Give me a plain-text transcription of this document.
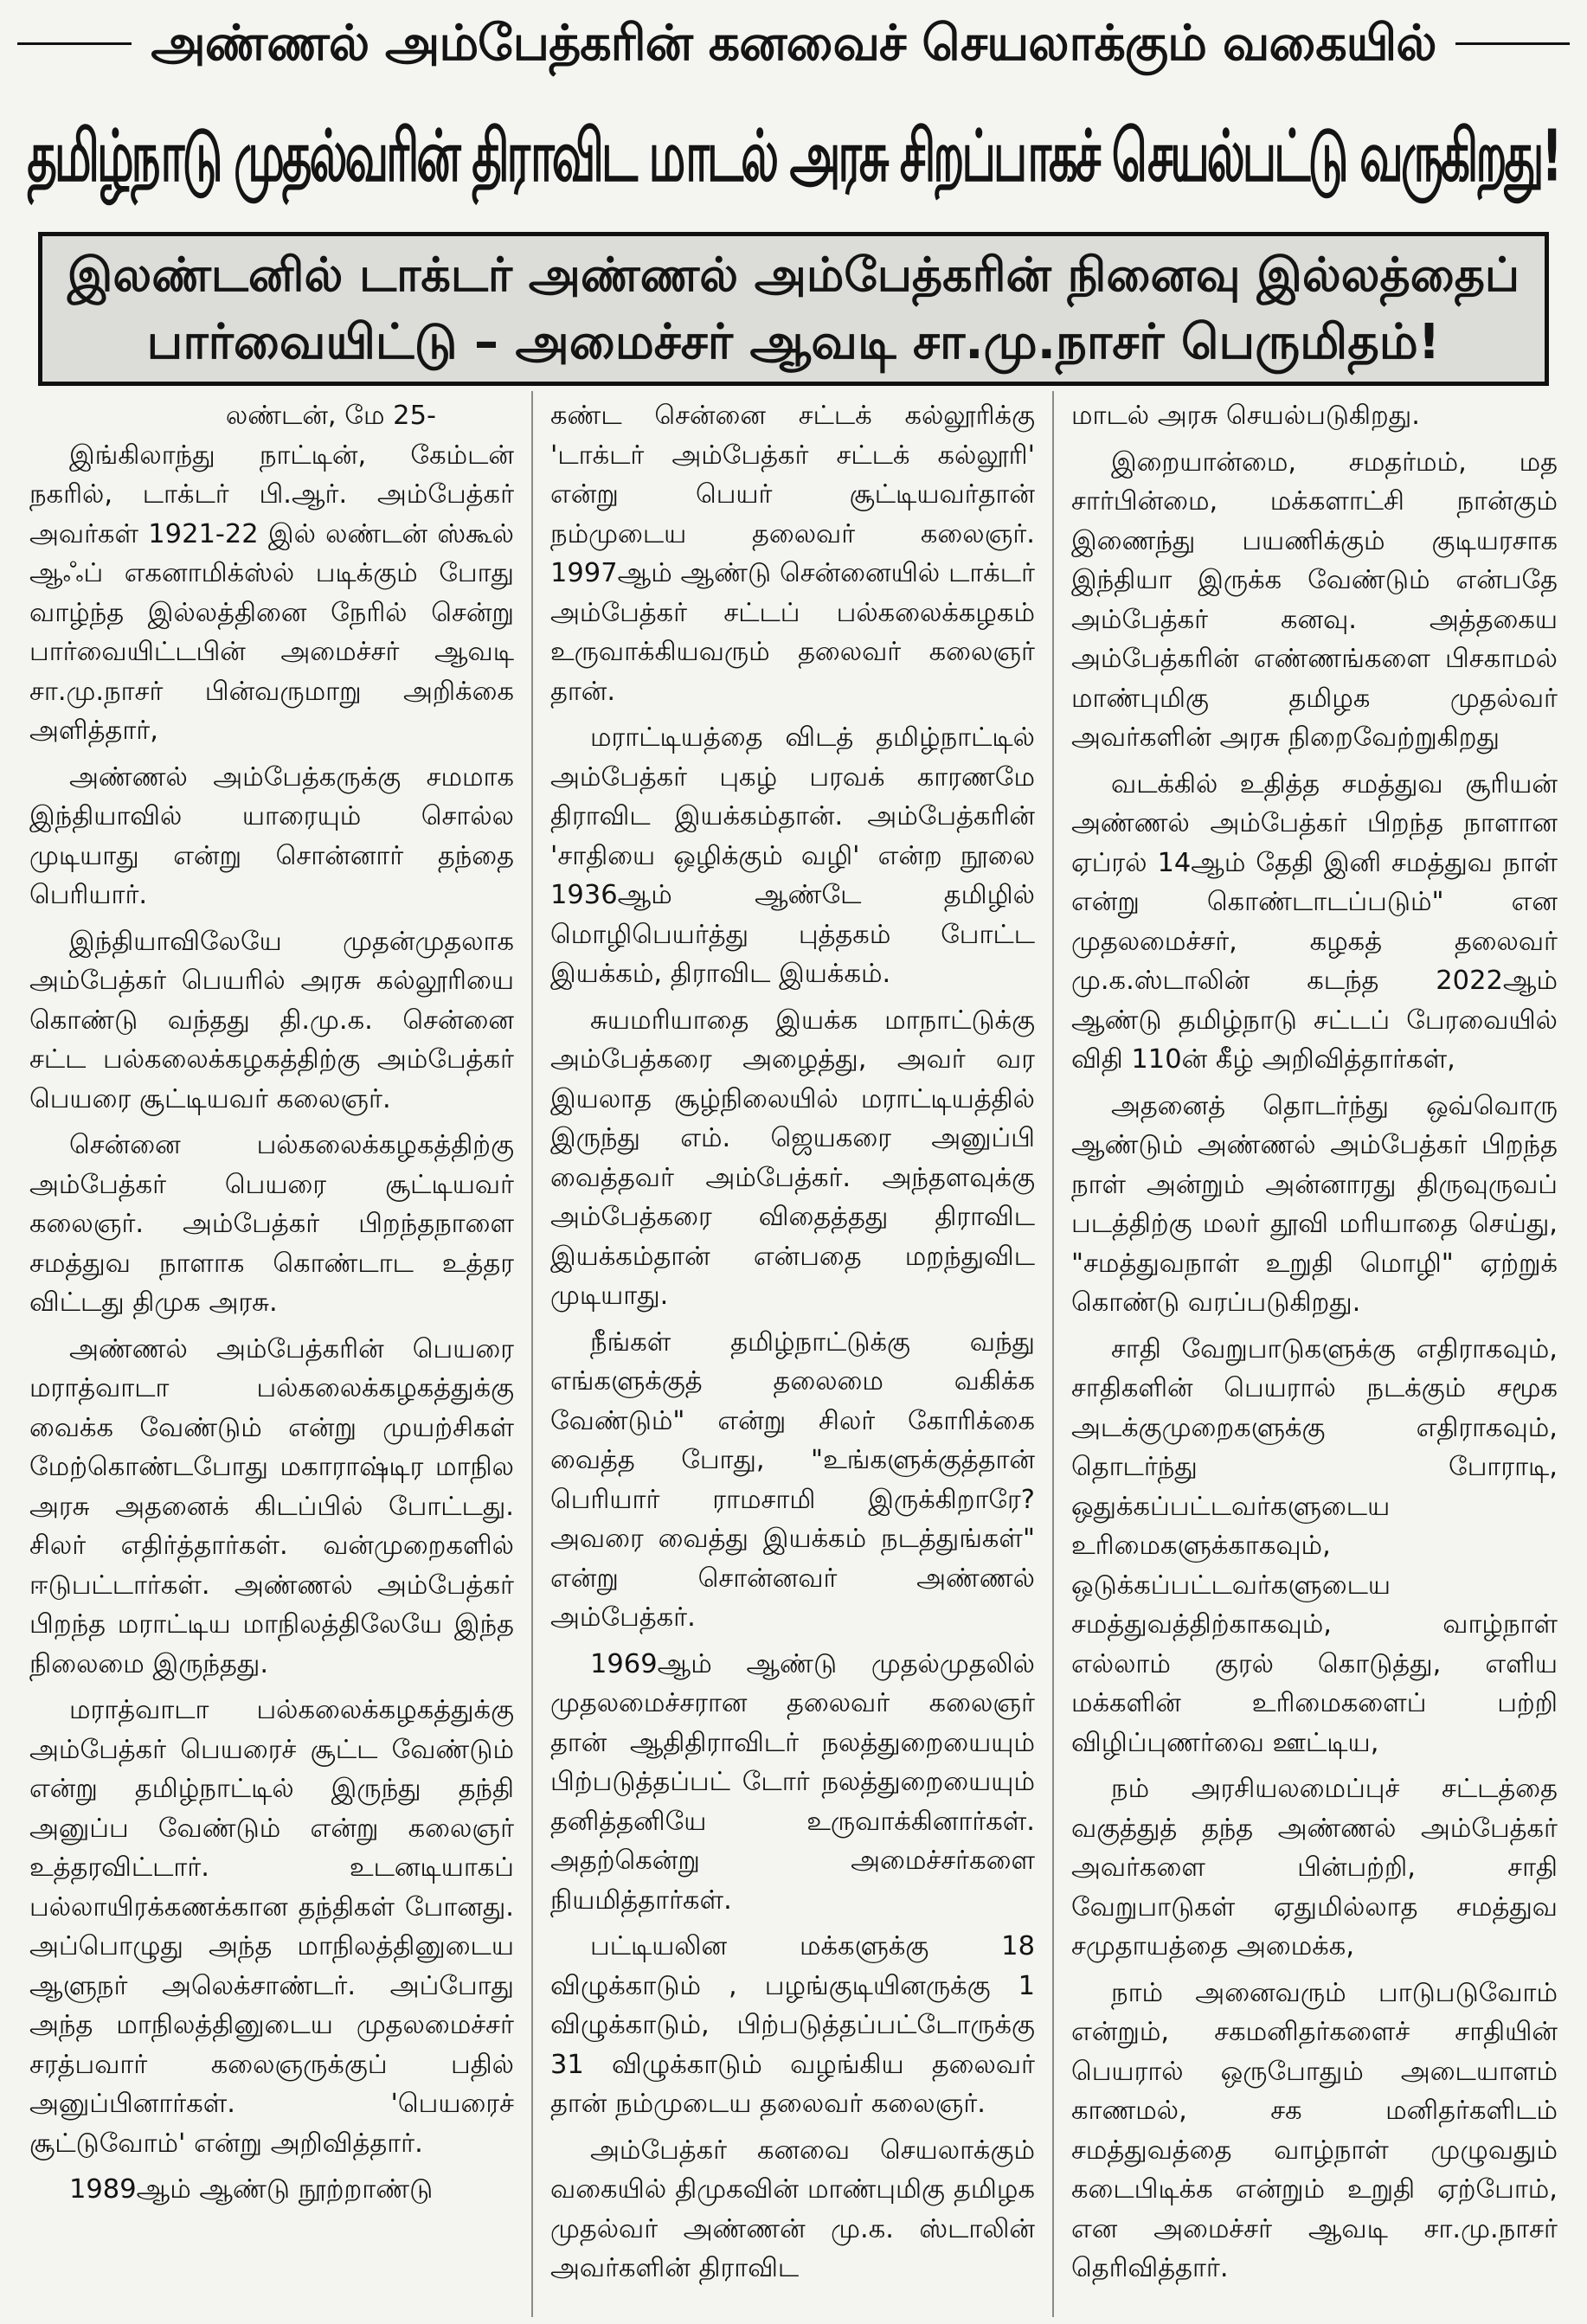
அண்ணல் அம்பேத்கரின் கனவைச் செயலாக்கும் வகையில்
தமிழ்நாடு முதல்வரின் திராவிட மாடல் அரசு சிறப்பாகச் செயல்பட்டு வருகிறது!
இலண்டனில் டாக்டர் அண்ணல் அம்பேத்கரின் நினைவு இல்லத்தைப்
பார்வையிட்டு – அமைச்சர் ஆவடி சா.மு.நாசர் பெருமிதம்!

லண்டன், மே 25-

இங்கிலாந்து நாட்டின், கேம்டன் நகரில், டாக்டர் பி.ஆர். அம்பேத்கர் அவர்கள் 1921-22 இல் லண்டன் ஸ்கூல் ஆஃப் எகனாமிக்ஸ்ல் படிக்கும் போது வாழ்ந்த இல்லத்தினை நேரில் சென்று பார்வையிட்டபின் அமைச்சர் ஆவடி சா.மு.நாசர் பின்வருமாறு அறிக்கை அளித்தார்,

அண்ணல் அம்பேத்கருக்கு சமமாக இந்தியாவில் யாரையும் சொல்ல முடியாது என்று சொன்னார் தந்தை பெரியார்.

இந்தியாவிலேயே முதன்முதலாக அம்பேத்கர் பெயரில் அரசு கல்லூரியை கொண்டு வந்தது தி.மு.க. சென்னை சட்ட பல்கலைக்கழகத்திற்கு அம்பேத்கர் பெயரை சூட்டியவர் கலைஞர்.

சென்னை பல்கலைக்கழகத்திற்கு அம்பேத்கர் பெயரை சூட்டியவர் கலைஞர். அம்பேத்கர் பிறந்தநாளை சமத்துவ நாளாக கொண்டாட உத்தர விட்டது திமுக அரசு.

அண்ணல் அம்பேத்கரின் பெயரை மராத்வாடா பல்கலைக்கழகத்துக்கு வைக்க வேண்டும் என்று முயற்சிகள் மேற்கொண்டபோது மகாராஷ்டிர மாநில அரசு அதனைக் கிடப்பில் போட்டது. சிலர் எதிர்த்தார்கள். வன்முறைகளில் ஈடுபட்டார்கள். அண்ணல் அம்பேத்கர் பிறந்த மராட்டிய மாநிலத்திலேயே இந்த நிலைமை இருந்தது.

மராத்வாடா பல்கலைக்கழகத்துக்கு அம்பேத்கர் பெயரைச் சூட்ட வேண்டும் என்று தமிழ்நாட்டில் இருந்து தந்தி அனுப்ப வேண்டும் என்று கலைஞர் உத்தரவிட்டார். உடனடியாகப் பல்லாயிரக்கணக்கான தந்திகள் போனது. அப்பொழுது அந்த மாநிலத்தினுடைய ஆளுநர் அலெக்சாண்டர். அப்போது அந்த மாநிலத்தினுடைய முதலமைச்சர் சரத்பவார் கலைஞருக்குப் பதில் அனுப்பினார்கள். 'பெயரைச் சூட்டுவோம்' என்று அறிவித்தார்.

1989ஆம் ஆண்டு நூற்றாண்டு

கண்ட சென்னை சட்டக் கல்லூரிக்கு 'டாக்டர் அம்பேத்கர் சட்டக் கல்லூரி' என்று பெயர் சூட்டியவர்தான் நம்முடைய தலைவர் கலைஞர். 1997ஆம் ஆண்டு சென்னையில் டாக்டர் அம்பேத்கர் சட்டப் பல்கலைக்கழகம் உருவாக்கியவரும் தலைவர் கலைஞர் தான்.

மராட்டியத்தை விடத் தமிழ்நாட்டில் அம்பேத்கர் புகழ் பரவக் காரணமே திராவிட இயக்கம்தான். அம்பேத்கரின் 'சாதியை ஒழிக்கும் வழி' என்ற நூலை 1936ஆம் ஆண்டே தமிழில் மொழிபெயர்த்து புத்தகம் போட்ட இயக்கம், திராவிட இயக்கம்.

சுயமரியாதை இயக்க மாநாட்டுக்கு அம்பேத்கரை அழைத்து, அவர் வர இயலாத சூழ்நிலையில் மராட்டியத்தில் இருந்து எம். ஜெயகரை அனுப்பி வைத்தவர் அம்பேத்கர். அந்தளவுக்கு அம்பேத்கரை விதைத்தது திராவிட இயக்கம்தான் என்பதை மறந்துவிட முடியாது.

நீங்கள் தமிழ்நாட்டுக்கு வந்து எங்களுக்குத் தலைமை வகிக்க வேண்டும்" என்று சிலர் கோரிக்கை வைத்த போது, "உங்களுக்குத்தான் பெரியார் ராமசாமி இருக்கிறாரே? அவரை வைத்து இயக்கம் நடத்துங்கள்" என்று சொன்னவர் அண்ணல் அம்பேத்கர்.

1969ஆம் ஆண்டு முதல்முதலில் முதலமைச்சரான தலைவர் கலைஞர் தான் ஆதிதிராவிடர் நலத்துறையையும் பிற்படுத்தப்பட் டோர் நலத்துறையையும் தனித்தனியே உருவாக்கினார்கள். அதற்கென்று அமைச்சர்களை நியமித்தார்கள்.

பட்டியலின மக்களுக்கு 18 விழுக்காடும் , பழங்குடியினருக்கு 1 விழுக்காடும், பிற்படுத்தப்பட்டோருக்கு 31 விழுக்காடும் வழங்கிய தலைவர் தான் நம்முடைய தலைவர் கலைஞர்.

அம்பேத்கர் கனவை செயலாக்கும் வகையில் திமுகவின் மாண்புமிகு தமிழக முதல்வர் அண்ணன் மு.க. ஸ்டாலின் அவர்களின் திராவிட

மாடல் அரசு செயல்படுகிறது.

இறையான்மை, சமதர்மம், மத சார்பின்மை, மக்களாட்சி நான்கும் இணைந்து பயணிக்கும் குடியரசாக இந்தியா இருக்க வேண்டும் என்பதே அம்பேத்கர் கனவு. அத்தகைய அம்பேத்கரின் எண்ணங்களை பிசகாமல் மாண்புமிகு தமிழக முதல்வர் அவர்களின் அரசு நிறைவேற்றுகிறது

வடக்கில் உதித்த சமத்துவ சூரியன் அண்ணல் அம்பேத்கர் பிறந்த நாளான ஏப்ரல் 14ஆம் தேதி இனி சமத்துவ நாள் என்று கொண்டாடப்படும்" என முதலமைச்சர், கழகத் தலைவர் மு.க.ஸ்டாலின் கடந்த 2022ஆம் ஆண்டு தமிழ்நாடு சட்டப் பேரவையில் விதி 110ன் கீழ் அறிவித்தார்கள்,

அதனைத் தொடர்ந்து ஒவ்வொரு ஆண்டும் அண்ணல் அம்பேத்கர் பிறந்த நாள் அன்றும் அன்னாரது திருவுருவப் படத்திற்கு மலர் தூவி மரியாதை செய்து, "சமத்துவநாள் உறுதி மொழி" ஏற்றுக் கொண்டு வரப்படுகிறது.

சாதி வேறுபாடுகளுக்கு எதிராகவும், சாதிகளின் பெயரால் நடக்கும் சமூக அடக்குமுறைகளுக்கு எதிராகவும், தொடர்ந்து போராடி, ஒதுக்கப்பட்டவர்களுடைய உரிமைகளுக்காகவும், ஒடுக்கப்பட்டவர்களுடைய சமத்துவத்திற்காகவும், வாழ்நாள் எல்லாம் குரல் கொடுத்து, எளிய மக்களின் உரிமைகளைப் பற்றி விழிப்புணர்வை ஊட்டிய,

நம் அரசியலமைப்புச் சட்டத்தை வகுத்துத் தந்த அண்ணல் அம்பேத்கர் அவர்களை பின்பற்றி, சாதி வேறுபாடுகள் ஏதுமில்லாத சமத்துவ சமுதாயத்தை அமைக்க,

நாம் அனைவரும் பாடுபடுவோம் என்றும், சகமனிதர்களைச் சாதியின் பெயரால் ஒருபோதும் அடையாளம் காணமல், சக மனிதர்களிடம் சமத்துவத்தை வாழ்நாள் முழுவதும் கடைபிடிக்க என்றும் உறுதி ஏற்போம், என அமைச்சர் ஆவடி சா.மு.நாசர் தெரிவித்தார்.
